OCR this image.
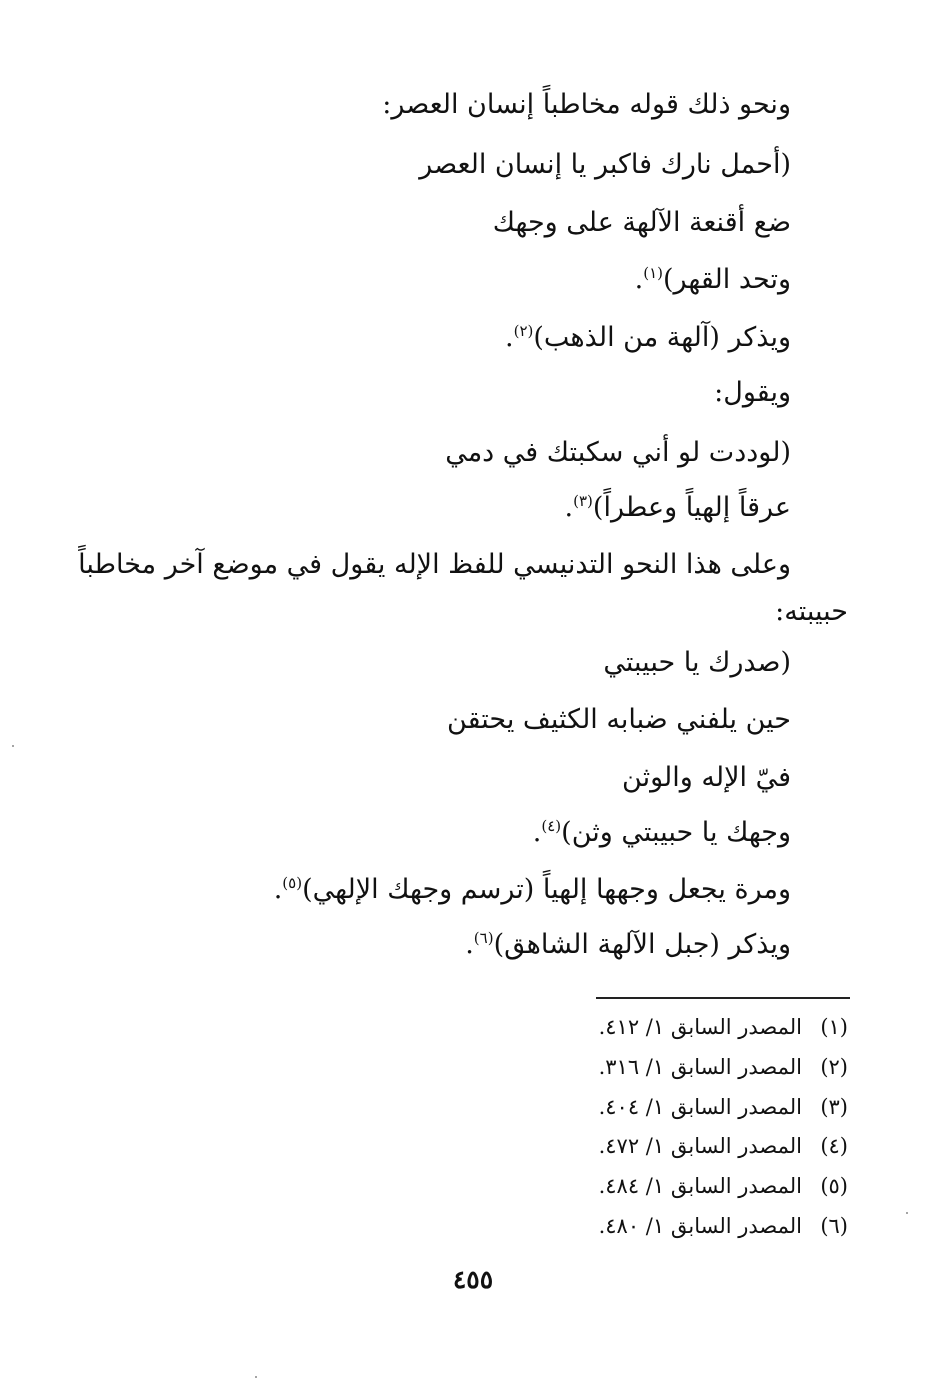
ونحو ذلك قوله مخاطباً إنسان العصر:
(أحمل نارك فاكبر يا إنسان العصر
ضع أقنعة الآلهة على وجهك
وتحد القهر)$^{(١)}$.
ويذكر (آلهة من الذهب)$^{(٢)}$.
ويقول:
(لوددت لو أني سكبتك في دمي
عرقاً إلهياً وعطراً)$^{(٣)}$.
وعلى هذا النحو التدنيسي للفظ الإله يقول في موضع آخر مخاطباً
حبيبته:
(صدرك يا حبيبتي
حين يلفني ضبابه الكثيف يحتقن
فيّ الإله والوثن
وجهك يا حبيبتي وثن)$^{(٤)}$.
ومرة يجعل وجهها إلهياً (ترسم وجهك الإلهي)$^{(٥)}$.
ويذكر (جبل الآلهة الشاهق)$^{(٦)}$.
(١)المصدر السابق ١/ ٤١٢.
(٢)المصدر السابق ١/ ٣١٦.
(٣)المصدر السابق ١/ ٤٠٤.
(٤)المصدر السابق ١/ ٤٧٢.
(٥)المصدر السابق ١/ ٤٨٤.
(٦)المصدر السابق ١/ ٤٨٠.
٤٥٥
